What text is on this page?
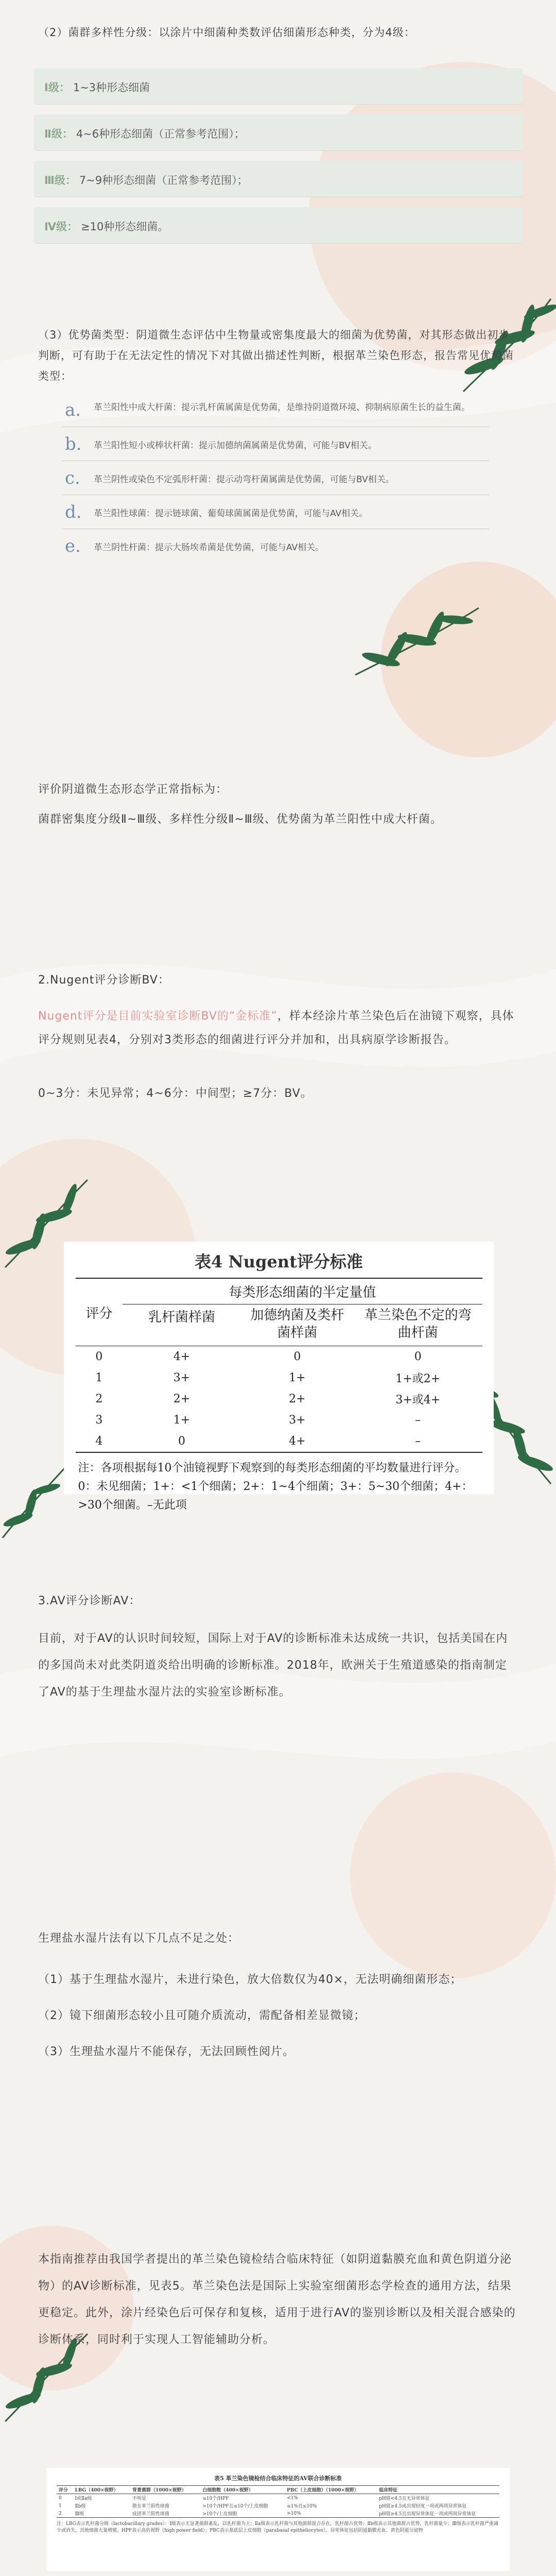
（2）菌群多样性分级：以涂片中细菌种类数评估细菌形态种类，分为4级：
Ⅰ级： 1~3种形态细菌
Ⅱ级： 4~6种形态细菌（正常参考范围）；
Ⅲ级： 7~9种形态细菌（正常参考范围）；
Ⅳ级： ≥10种形态细菌。
（3）优势菌类型：阴道微生态评估中生物量或密集度最大的细菌为优势菌，对其形态做出初步判断，可有助于在无法定性的情况下对其做出描述性判断，根据革兰染色形态，报告常见优势菌类型：
a. 革兰阳性中成大杆菌：提示乳杆菌属菌是优势菌，是维持阴道微环境、抑制病原菌生长的益生菌。
b. 革兰阳性短小或棒状杆菌：提示加德纳菌属菌是优势菌，可能与BV相关。
c. 革兰阴性或染色不定弧形杆菌：提示动弯杆菌属菌是优势菌，可能与BV相关。
d. 革兰阳性球菌：提示链球菌、葡萄球菌属菌是优势菌，可能与AV相关。
e. 革兰阴性杆菌：提示大肠埃希菌是优势菌，可能与AV相关。
评价阴道微生态形态学正常指标为：
菌群密集度分级Ⅱ~Ⅲ级、多样性分级Ⅱ~Ⅲ级、优势菌为革兰阳性中成大杆菌。
2.Nugent评分诊断BV：
Nugent评分是目前实验室诊断BV的“金标准”，样本经涂片革兰染色后在油镜下观察，具体评分规则见表4，分别对3类形态的细菌进行评分并加和，出具病原学诊断报告。
0~3分：未见异常；4~6分：中间型；≥7分：BV。
表4 Nugent评分标准
评分	每类形态细菌的半定量值		
	乳杆菌样菌	加德纳菌及类杆菌样菌	革兰染色不定的弯曲杆菌
0	4+	0	0
1	3+	1+	1+或2+
2	2+	2+	3+或4+
3	1+	3+	–
4	0	4+	–
注：各项根据每10个油镜视野下观察到的每类形态细菌的平均数量进行评分。0：未见细菌；1+：<1个细菌；2+：1~4个细菌；3+：5~30个细菌；4+：>30个细菌。–无此项
3.AV评分诊断AV：
目前，对于AV的认识时间较短，国际上对于AV的诊断标准未达成统一共识，包括美国在内的多国尚未对此类阴道炎给出明确的诊断标准。2018年，欧洲关于生殖道感染的指南制定了AV的基于生理盐水湿片法的实验室诊断标准。
生理盐水湿片法有以下几点不足之处：
（1）基于生理盐水湿片，未进行染色，放大倍数仅为40×，无法明确细菌形态；
（2）镜下细菌形态较小且可随介质流动，需配备相差显微镜；
（3）生理盐水湿片不能保存，无法回顾性阅片。
本指南推荐由我国学者提出的革兰染色镜检结合临床特征（如阴道黏膜充血和黄色阴道分泌物）的AV诊断标准，见表5。革兰染色法是国际上实验室细菌形态学检查的通用方法，结果更稳定。此外，涂片经染色后可保存和复核，适用于进行AV的鉴别诊断以及相关混合感染的诊断体系，同时利于实现人工智能辅助分析。
表5 革兰染色镜检结合临床特征的AV联合诊断标准
评分	LBG（400×视野）	背景菌群（1000×视野）	白细胞数（400×视野）	PBC（上皮细胞）（1000×视野）	临床特征
0	Ⅰ或Ⅱa级	不明显	≤10个/HPF	<1%	pH值<4.5且无异常体征
1	Ⅱb级	散在革兰阳性球菌	>10个/HPF且≤10个/上皮细胞	≤1%且≤10%	pH值≥4.5或出现轻度一项或两项异常体征
2	Ⅲ级	成团革兰阳性球菌	>10个/上皮细胞	>10%	pH值≥4.5且出现异常体征一项或两项异常体征
注：LBG表示乳杆菌分级（lactobacillary grades）：Ⅰ级表示无显著菌群紊乱，以乳杆菌为主；Ⅱa级表示乳杆菌与其他菌群混合存在，乳杆菌占优势；Ⅱb级表示其他菌群占优势，乳杆菌量少；Ⅲ级表示乳杆菌严重减少或消失，其他细菌大量增殖。HPF表示高倍视野（high power field）；PBC表示基底层上皮细胞（parabasal epitheliocytes），异常体征包括阴道黏膜充血、黄色阴道分泌物
